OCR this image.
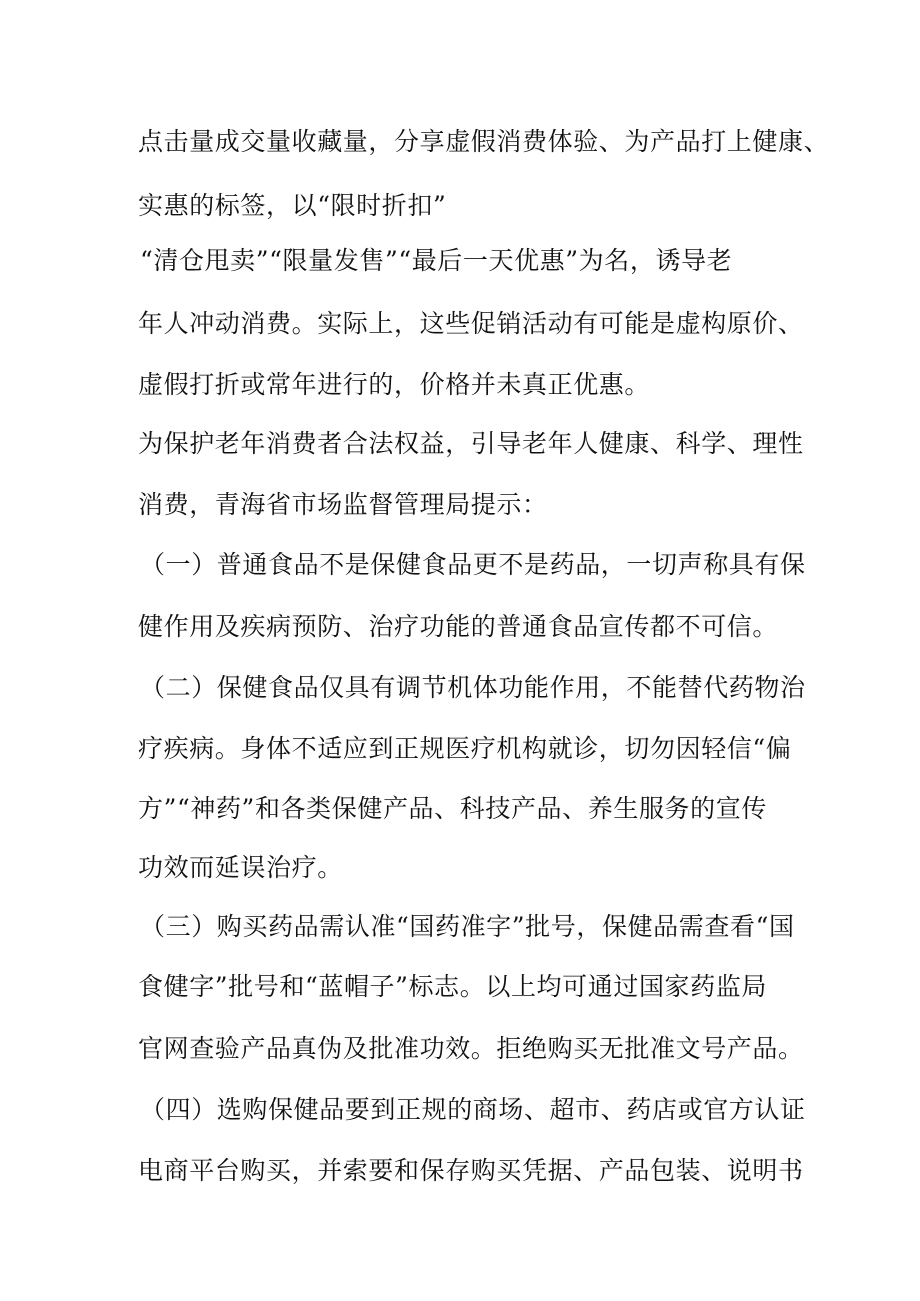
点击量成交量收藏量，分享虚假消费体验、为产品打上健康、
实惠的标签，以“限时折扣”
“清仓甩卖”“限量发售”“最后一天优惠”为名，诱导老
年人冲动消费。实际上，这些促销活动有可能是虚构原价、
虚假打折或常年进行的，价格并未真正优惠。
为保护老年消费者合法权益，引导老年人健康、科学、理性
消费，青海省市场监督管理局提示：
（一）普通食品不是保健食品更不是药品，一切声称具有保
健作用及疾病预防、治疗功能的普通食品宣传都不可信。
（二）保健食品仅具有调节机体功能作用，不能替代药物治
疗疾病。身体不适应到正规医疗机构就诊，切勿因轻信“偏
方”“神药”和各类保健产品、科技产品、养生服务的宣传
功效而延误治疗。
（三）购买药品需认准“国药准字”批号，保健品需查看“国
食健字”批号和“蓝帽子”标志。以上均可通过国家药监局
官网查验产品真伪及批准功效。拒绝购买无批准文号产品。
（四）选购保健品要到正规的商场、超市、药店或官方认证
电商平台购买，并索要和保存购买凭据、产品包装、说明书
